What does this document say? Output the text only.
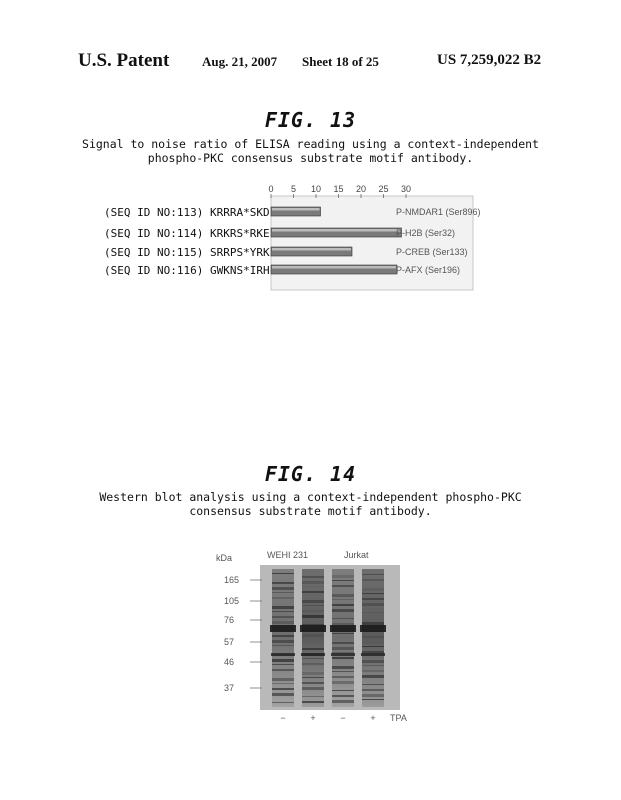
U.S. Patent	Aug. 21, 2007 Sheet 18 of 25	US 7,259,022 B2
FIG. 13
Signal to noise ratio of ELISA reading using a context-independent
phospho-PKC consensus substrate motif antibody.
0 5 10 15 20 25 30
P-NMDAR1 (Ser896)
P-H2B (Ser32)
P-CREB (Ser133)
P-AFX (Ser196)
(SEQ ID NO:113) KRRRA*SKD
(SEQ ID NO:114) KRKRS*RKE
(SEQ ID NO:115) SRRPS*YRK
(SEQ ID NO:116) GWKNS*IRH
FIG. 14
Western blot analysis using a context-independent phospho-PKC
consensus substrate motif antibody.
kDa	WEHI 231	Jurkat
165
105
76
57
46
37
−	+	−	+ TPA
